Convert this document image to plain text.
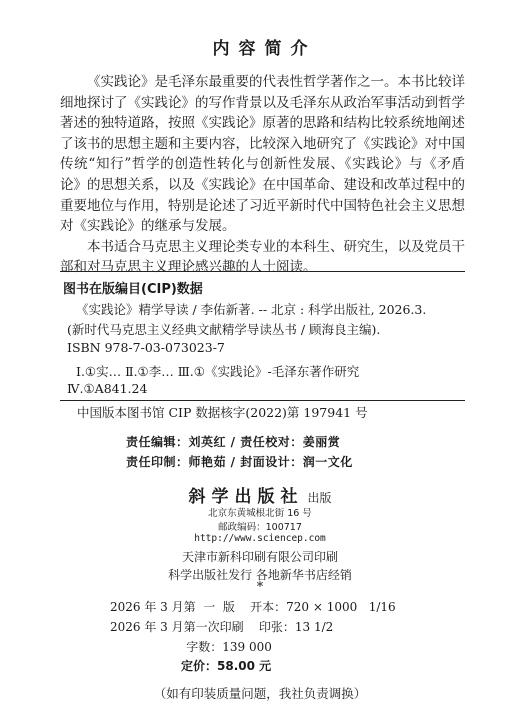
内容简介

《实践论》是毛泽东最重要的代表性哲学著作之一。本书比较详细地探讨了《实践论》的写作背景以及毛泽东从政治军事活动到哲学著述的独特道路，按照《实践论》原著的思路和结构比较系统地阐述了该书的思想主题和主要内容，比较深入地研究了《实践论》对中国传统“知行”哲学的创造性转化与创新性发展、《实践论》与《矛盾论》的思想关系，以及《实践论》在中国革命、建设和改革过程中的重要地位与作用，特别是论述了习近平新时代中国特色社会主义思想对《实践论》的继承与发展。

本书适合马克思主义理论类专业的本科生、研究生，以及党员干部和对马克思主义理论感兴趣的人士阅读。

图书在版编目(CIP)数据
《实践论》精学导读 / 李佑新著. -- 北京 : 科学出版社, 2026.3.
(新时代马克思主义经典文献精学导读丛书 / 顾海良主编).
ISBN 978-7-03-073023-7
Ⅰ.①实… Ⅱ.①李… Ⅲ.①《实践论》-毛泽东著作研究
Ⅳ.①A841.24
中国版本图书馆 CIP 数据核字(2022)第 197941 号
责任编辑：刘英红 / 责任校对：姜丽赏
责任印制：师艳茹 / 封面设计：润一文化
斜学出版社 出版
北京东黄城根北街 16 号
邮政编码：100717
http://www.sciencep.com
天津市新科印刷有限公司印刷
科学出版社发行 各地新华书店经销
*
2026 年 3 月第  一  版    开本：720 × 1000   1/16
2026 年 3 月第一次印刷    印张：13 1/2
字数：139 000
定价：58.00 元
（如有印装质量问题，我社负责调换）
